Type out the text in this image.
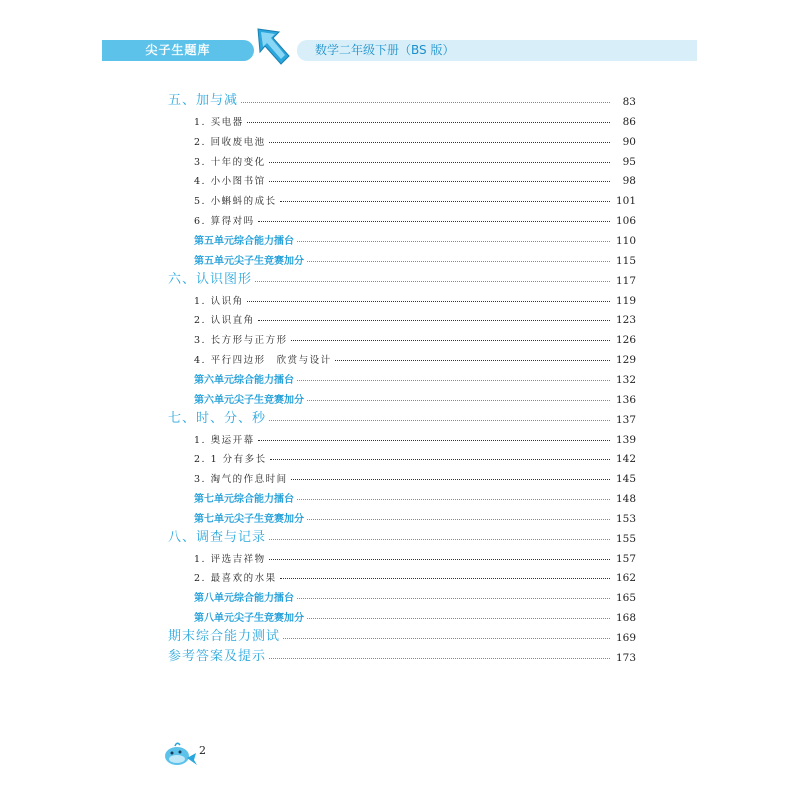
尖子生题库	数学二年级下册（BS 版）
五、加与减	83
1. 买电器	86
2. 回收废电池	90
3. 十年的变化	95
4. 小小图书馆	98
5. 小蝌蚪的成长	101
6. 算得对吗	106
第五单元综合能力擂台	110
第五单元尖子生竞赛加分	115
六、认识图形	117
1. 认识角	119
2. 认识直角	123
3. 长方形与正方形	126
4. 平行四边形　欣赏与设计	129
第六单元综合能力擂台	132
第六单元尖子生竞赛加分	136
七、时、分、秒	137
1. 奥运开幕	139
2. 1 分有多长	142
3. 淘气的作息时间	145
第七单元综合能力擂台	148
第七单元尖子生竞赛加分	153
八、调查与记录	155
1. 评选吉祥物	157
2. 最喜欢的水果	162
第八单元综合能力擂台	165
第八单元尖子生竞赛加分	168
期末综合能力测试	169
参考答案及提示	173
2
